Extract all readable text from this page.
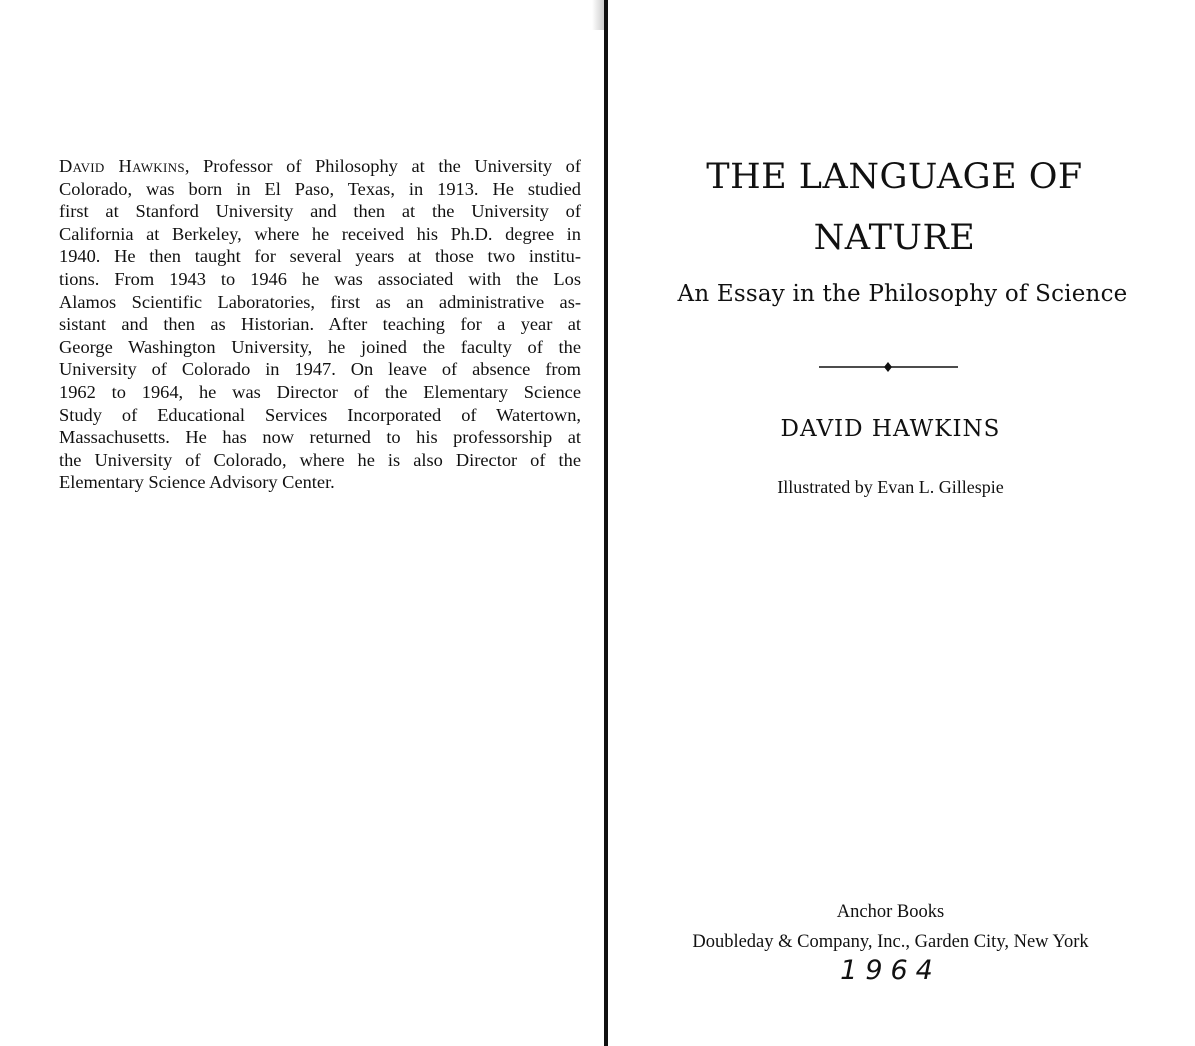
David Hawkins, Professor of Philosophy at the University of
Colorado, was born in El Paso, Texas, in 1913. He studied
first at Stanford University and then at the University of
California at Berkeley, where he received his Ph.D. degree in
1940. He then taught for several years at those two institu-
tions. From 1943 to 1946 he was associated with the Los
Alamos Scientific Laboratories, first as an administrative as-
sistant and then as Historian. After teaching for a year at
George Washington University, he joined the faculty of the
University of Colorado in 1947. On leave of absence from
1962 to 1964, he was Director of the Elementary Science
Study of Educational Services Incorporated of Watertown,
Massachusetts. He has now returned to his professorship at
the University of Colorado, where he is also Director of the
Elementary Science Advisory Center.

THE LANGUAGE OF
NATURE

An Essay in the Philosophy of Science

DAVID HAWKINS

Illustrated by Evan L. Gillespie

Anchor Books

Doubleday & Company, Inc., Garden City, New York

1964
